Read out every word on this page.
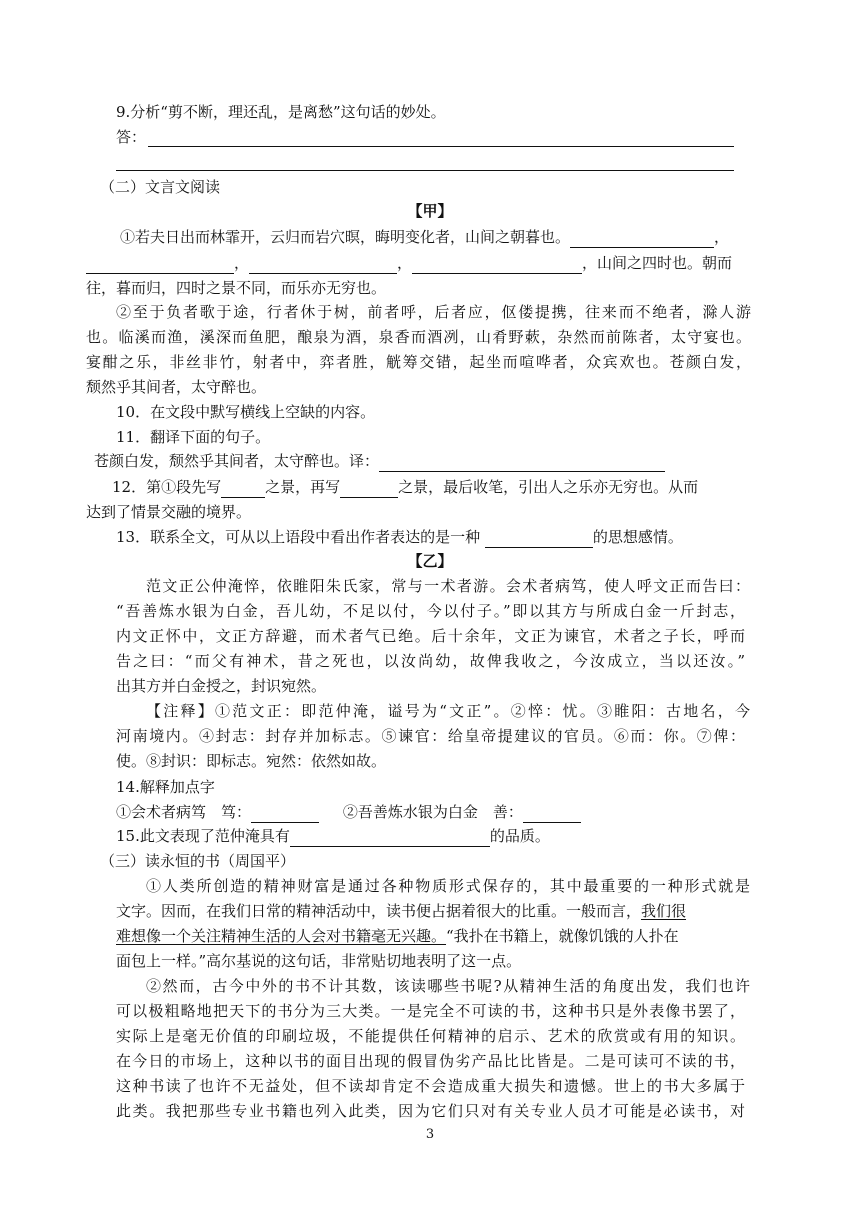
9.分析“剪不断，理还乱，是离愁”这句话的妙处。
答：
（二）文言文阅读
【甲】
①若夫日出而林霏开，云归而岩穴暝，晦明变化者，山间之朝暮也。	，
，	，	，山间之四时也。朝而
往，暮而归，四时之景不同，而乐亦无穷也。
②至于负者歌于途，行者休于树，前者呼，后者应，伛偻提携，往来而不绝者，滁人游
也。临溪而渔，溪深而鱼肥，酿泉为酒，泉香而酒冽，山肴野蔌，杂然而前陈者，太守宴也。
宴酣之乐，非丝非竹，射者中，弈者胜，觥筹交错，起坐而喧哗者，众宾欢也。苍颜白发，
颓然乎其间者，太守醉也。
10．在文段中默写横线上空缺的内容。
11．翻译下面的句子。
苍颜白发，颓然乎其间者，太守醉也。译：
12．第①段先写	之景，再写	之景，最后收笔，引出人之乐亦无穷也。从而
达到了情景交融的境界。
13．联系全文，可从以上语段中看出作者表达的是一种	的思想感情。
【乙】
范文正公仲淹悴，依睢阳朱氏家，常与一术者游。会术者病笃，使人呼文正而告曰：
“吾善炼水银为白金，吾儿幼，不足以付，今以付子。”即以其方与所成白金一斤封志，
内文正怀中，文正方辞避，而术者气已绝。后十余年，文正为谏官，术者之子长，呼而
告之曰：“而父有神术，昔之死也，以汝尚幼，故俾我收之，今汝成立，当以还汝。”
出其方并白金授之，封识宛然。
【注释】①范文正：即范仲淹，谥号为“文正”。②悴：忧。③睢阳：古地名，今
河南境内。④封志：封存并加标志。⑤谏官：给皇帝提建议的官员。⑥而：你。⑦俾：
使。⑧封识：即标志。宛然：依然如故。
14.解释加点字
①会术者病笃　笃：	②吾善炼水银为白金　善：
15.此文表现了范仲淹具有	的品质。
（三）读永恒的书（周国平）
①人类所创造的精神财富是通过各种物质形式保存的，其中最重要的一种形式就是
文字。因而，在我们日常的精神活动中，读书便占据着很大的比重。一般而言，我们很
难想像一个关注精神生活的人会对书籍毫无兴趣。“我扑在书籍上，就像饥饿的人扑在
面包上一样。”高尔基说的这句话，非常贴切地表明了这一点。
②然而，古今中外的书不计其数，该读哪些书呢?从精神生活的角度出发，我们也许
可以极粗略地把天下的书分为三大类。一是完全不可读的书，这种书只是外表像书罢了，
实际上是毫无价值的印刷垃圾，不能提供任何精神的启示、艺术的欣赏或有用的知识。
在今日的市场上，这种以书的面目出现的假冒伪劣产品比比皆是。二是可读可不读的书，
这种书读了也许不无益处，但不读却肯定不会造成重大损失和遗憾。世上的书大多属于
此类。我把那些专业书籍也列入此类，因为它们只对有关专业人员才可能是必读书，对
3
